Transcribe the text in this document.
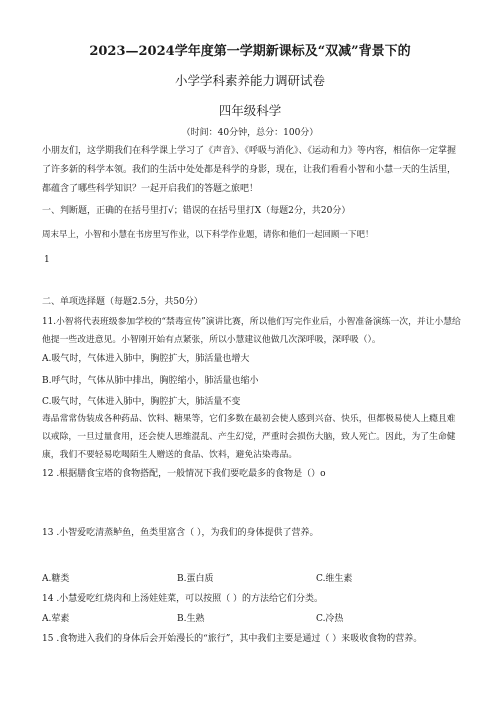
2023—2024学年度第一学期新课标及“双减”背景下的
小学学科素养能力调研试卷
四年级科学
（时间：40分钟，总分：100分）
小朋友们，这学期我们在科学课上学习了《声音》、《呼吸与消化》、《运动和力》等内容，相信你一定掌握了许多新的科学本领。我们的生活中处处都是科学的身影，现在，让我们看看小智和小慧一天的生活里，都蕴含了哪些科学知识？一起开启我们的答题之旅吧！
一、判断题，正确的在括号里打√；错误的在括号里打X（每题2分，共20分）
周末早上，小智和小慧在书房里写作业，以下科学作业题，请你和他们一起回顾一下吧！
1
二、单项选择题（每题2.5分，共50分）
11.小智将代表班级参加学校的“禁毒宣传”演讲比赛，所以他们写完作业后，小智准备演练一次，并让小慧给他提一些改进意见。小智刚开始有点紧张，所以小慧建议他做几次深呼吸，深呼吸（）。
A.吸气时，气体进入肺中，胸腔扩大，肺活量也增大
B.呼气时，气体从肺中排出，胸腔缩小，肺活量也缩小
C.吸气时，气体进入肺中，胸腔扩大，肺活量不变
毒品常常伪装成各种药品、饮料、糖果等，它们多数在最初会使人感到兴奋、快乐，但都极易使人上瘾且难以戒除，一旦过量食用，还会使人思维混乱、产生幻觉，严重时会损伤大脑，致人死亡。因此，为了生命健康，我们不要轻易吃喝陌生人赠送的食品、饮料，避免沾染毒品。
12 .根据膳食宝塔的食物搭配，一般情况下我们要吃最多的食物是（）o
13 .小智爱吃清蒸鲈鱼，鱼类里富含（ ），为我们的身体提供了营养。
A.糖类	B.蛋白质	C.维生素
14 .小慧爱吃红烧肉和上汤娃娃菜，可以按照（ ）的方法给它们分类。
A.荤素	B.生熟	C.冷热
15 .食物进入我们的身体后会开始漫长的“旅行”，其中我们主要是通过（ ）来吸收食物的营养。
